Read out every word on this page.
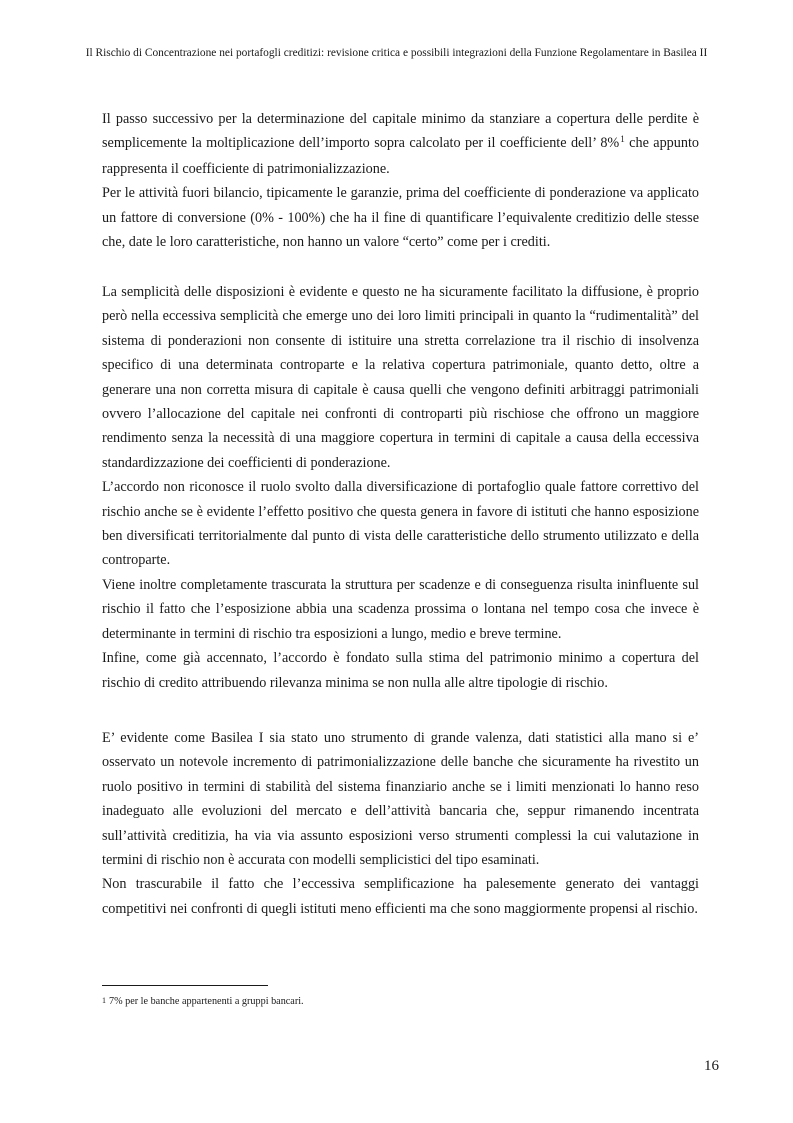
Il Rischio di Concentrazione nei portafogli creditizi: revisione critica e possibili integrazioni della Funzione Regolamentare in Basilea II

Il passo successivo per la determinazione del capitale minimo da stanziare a copertura delle perdite è semplicemente la moltiplicazione dell’importo sopra calcolato per il coefficiente dell’ 8%$^1$ che appunto rappresenta il coefficiente di patrimonializzazione.

Per le attività fuori bilancio, tipicamente le garanzie, prima del coefficiente di ponderazione va applicato un fattore di conversione (0% - 100%) che ha il fine di quantificare l’equivalente creditizio delle stesse che, date le loro caratteristiche, non hanno un valore “certo” come per i crediti.

La semplicità delle disposizioni è evidente e questo ne ha sicuramente facilitato la diffusione, è proprio però nella eccessiva semplicità che emerge uno dei loro limiti principali in quanto la “rudimentalità” del sistema di ponderazioni non consente di istituire una stretta correlazione tra il rischio di insolvenza specifico di una determinata controparte e la relativa copertura patrimoniale, quanto detto, oltre a generare una non corretta misura di capitale è causa quelli che vengono definiti arbitraggi patrimoniali ovvero l’allocazione del capitale nei confronti di controparti più rischiose che offrono un maggiore rendimento senza la necessità di una maggiore copertura in termini di capitale a causa della eccessiva standardizzazione dei coefficienti di ponderazione.

L’accordo non riconosce il ruolo svolto dalla diversificazione di portafoglio quale fattore correttivo del rischio anche se è evidente l’effetto positivo che questa genera in favore di istituti che hanno esposizione ben diversificati territorialmente dal punto di vista delle caratteristiche dello strumento utilizzato e della controparte.

Viene inoltre completamente trascurata la struttura per scadenze e di conseguenza risulta ininfluente sul rischio il fatto che l’esposizione abbia una scadenza prossima o lontana nel tempo cosa che invece è determinante in termini di rischio tra esposizioni a lungo, medio e breve termine.

Infine, come già accennato, l’accordo è fondato sulla stima del patrimonio minimo a copertura del rischio di credito attribuendo rilevanza minima se non nulla alle altre tipologie di rischio.

E’ evidente come Basilea I sia stato uno strumento di grande valenza, dati statistici alla mano si e’ osservato un notevole incremento di patrimonializzazione delle banche che sicuramente ha rivestito un ruolo positivo in termini di stabilità del sistema finanziario anche se i limiti menzionati lo hanno reso inadeguato alle evoluzioni del mercato e dell’attività bancaria che, seppur rimanendo incentrata sull’attività creditizia, ha via via assunto esposizioni verso strumenti complessi la cui valutazione in termini di rischio non è accurata con modelli semplicistici del tipo esaminati.

Non trascurabile il fatto che l’eccessiva semplificazione ha palesemente generato dei vantaggi competitivi nei confronti di quegli istituti meno efficienti ma che sono maggiormente propensi al rischio.

$^1$ 7% per le banche appartenenti a gruppi bancari.
16
